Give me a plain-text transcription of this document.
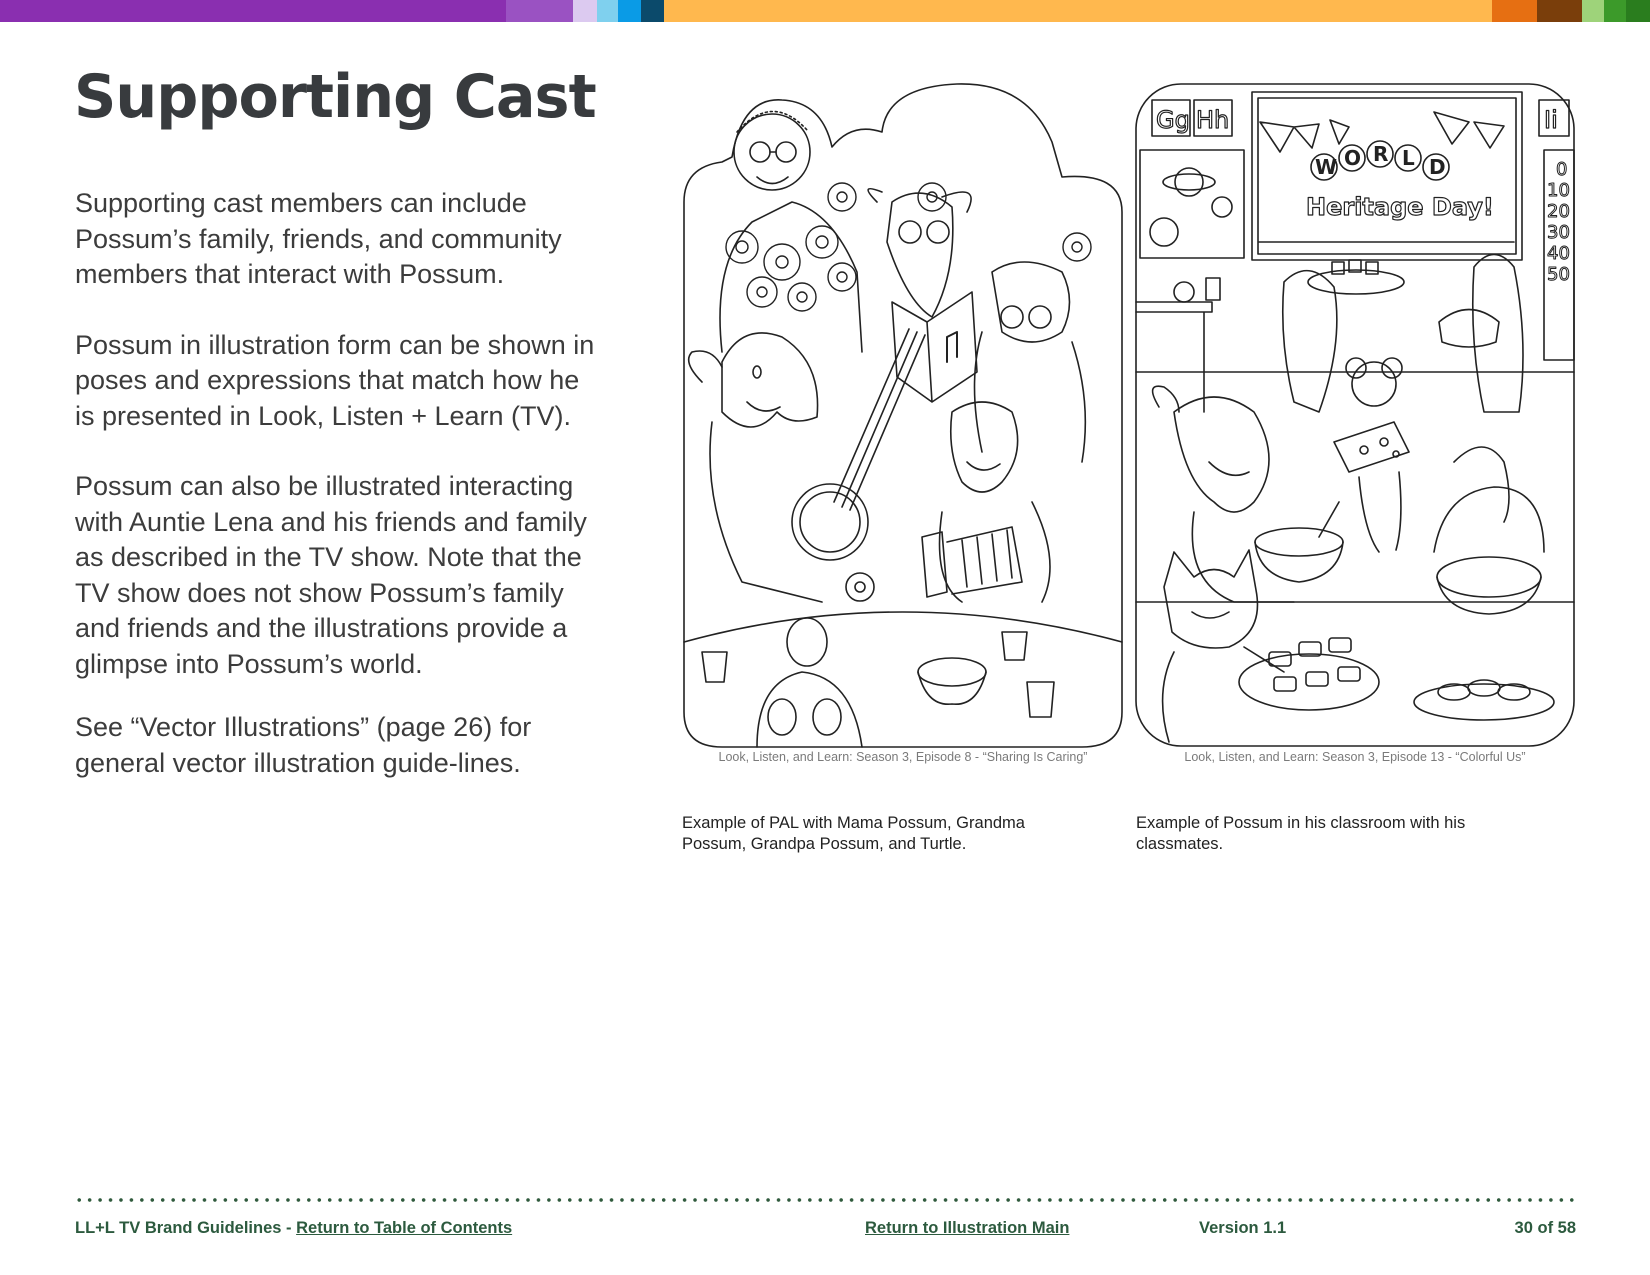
Supporting Cast

Supporting cast members can include Possum’s family, friends, and community members that interact with Possum.

Possum in illustration form can be shown in poses and expressions that match how he is presented in Look, Listen + Learn (TV).

Possum can also be illustrated interacting with Auntie Lena and his friends and family as described in the TV show. Note that the TV show does not show Possum’s family and friends and the illustrations provide a glimpse into Possum’s world.

See “Vector Illustrations” (page 26) for general vector illustration guide-lines.

Gg Hh	Ii
W O R L D
Heritage Day!
0
10
20
30
40
50
Look, Listen, and Learn: Season 3, Episode 8 - “Sharing Is Caring”	Look, Listen, and Learn: Season 3, Episode 13 - “Colorful Us”
Example of PAL with Mama Possum, Grandma Possum, Grandpa Possum, and Turtle.
Example of Possum in his classroom with his classmates.
LL+L TV Brand Guidelines - Return to Table of Contents	Return to Illustration Main	Version 1.1	30 of 58
